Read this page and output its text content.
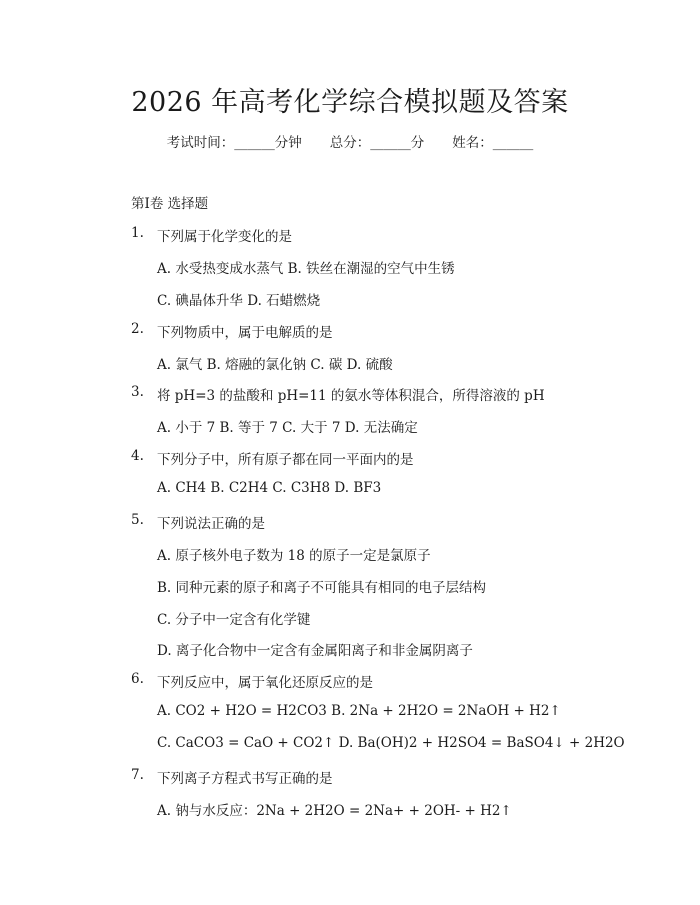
2026 年高考化学综合模拟题及答案
考试时间：______分钟 总分：______分 姓名：______
第Ⅰ卷 选择题
1. 下列属于化学变化的是
A. 水受热变成水蒸气 B. 铁丝在潮湿的空气中生锈
C. 碘晶体升华 D. 石蜡燃烧
2. 下列物质中，属于电解质的是
A. 氯气 B. 熔融的氯化钠 C. 碳 D. 硫酸
3. 将 pH=3 的盐酸和 pH=11 的氨水等体积混合，所得溶液的 pH
A. 小于 7 B. 等于 7 C. 大于 7 D. 无法确定
4. 下列分子中，所有原子都在同一平面内的是
A. CH4 B. C2H4 C. C3H8 D. BF3
5. 下列说法正确的是
A. 原子核外电子数为 18 的原子一定是氯原子
B. 同种元素的原子和离子不可能具有相同的电子层结构
C. 分子中一定含有化学键
D. 离子化合物中一定含有金属阳离子和非金属阴离子
6. 下列反应中，属于氧化还原反应的是
A. CO2 + H2O = H2CO3 B. 2Na + 2H2O = 2NaOH + H2↑
C. CaCO3 = CaO + CO2↑ D. Ba(OH)2 + H2SO4 = BaSO4↓ + 2H2O
7. 下列离子方程式书写正确的是
A. 钠与水反应：2Na + 2H2O = 2Na+ + 2OH- + H2↑
